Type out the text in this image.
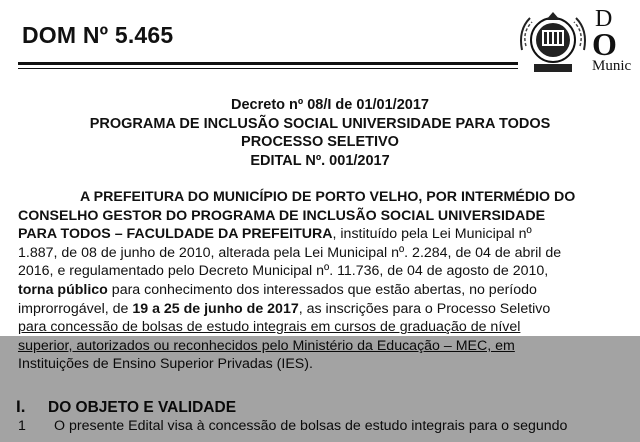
DOM Nº 5.465
D
O
Munic
Decreto nº 08/I de 01/01/2017
PROGRAMA DE INCLUSÃO SOCIAL UNIVERSIDADE PARA TODOS
PROCESSO SELETIVO
EDITAL Nº. 001/2017
A PREFEITURA DO MUNICÍPIO DE PORTO VELHO, POR INTERMÉDIO DO
CONSELHO GESTOR DO PROGRAMA DE INCLUSÃO SOCIAL UNIVERSIDADE
PARA TODOS – FACULDADE DA PREFEITURA, instituído pela Lei Municipal nº
1.887, de 08 de junho de 2010, alterada pela Lei Municipal nº. 2.284, de 04 de abril de
2016, e regulamentado pelo Decreto Municipal nº. 11.736, de 04 de agosto de 2010,
torna público para conhecimento dos interessados que estão abertas, no período
improrrogável, de 19 a 25 de junho de 2017, as inscrições para o Processo Seletivo
para concessão de bolsas de estudo integrais em cursos de graduação de nível
superior, autorizados ou reconhecidos pelo Ministério da Educação – MEC, em
Instituições de Ensino Superior Privadas (IES).
I. DO OBJETO E VALIDADE
1 O presente Edital visa à concessão de bolsas de estudo integrais para o segundo
